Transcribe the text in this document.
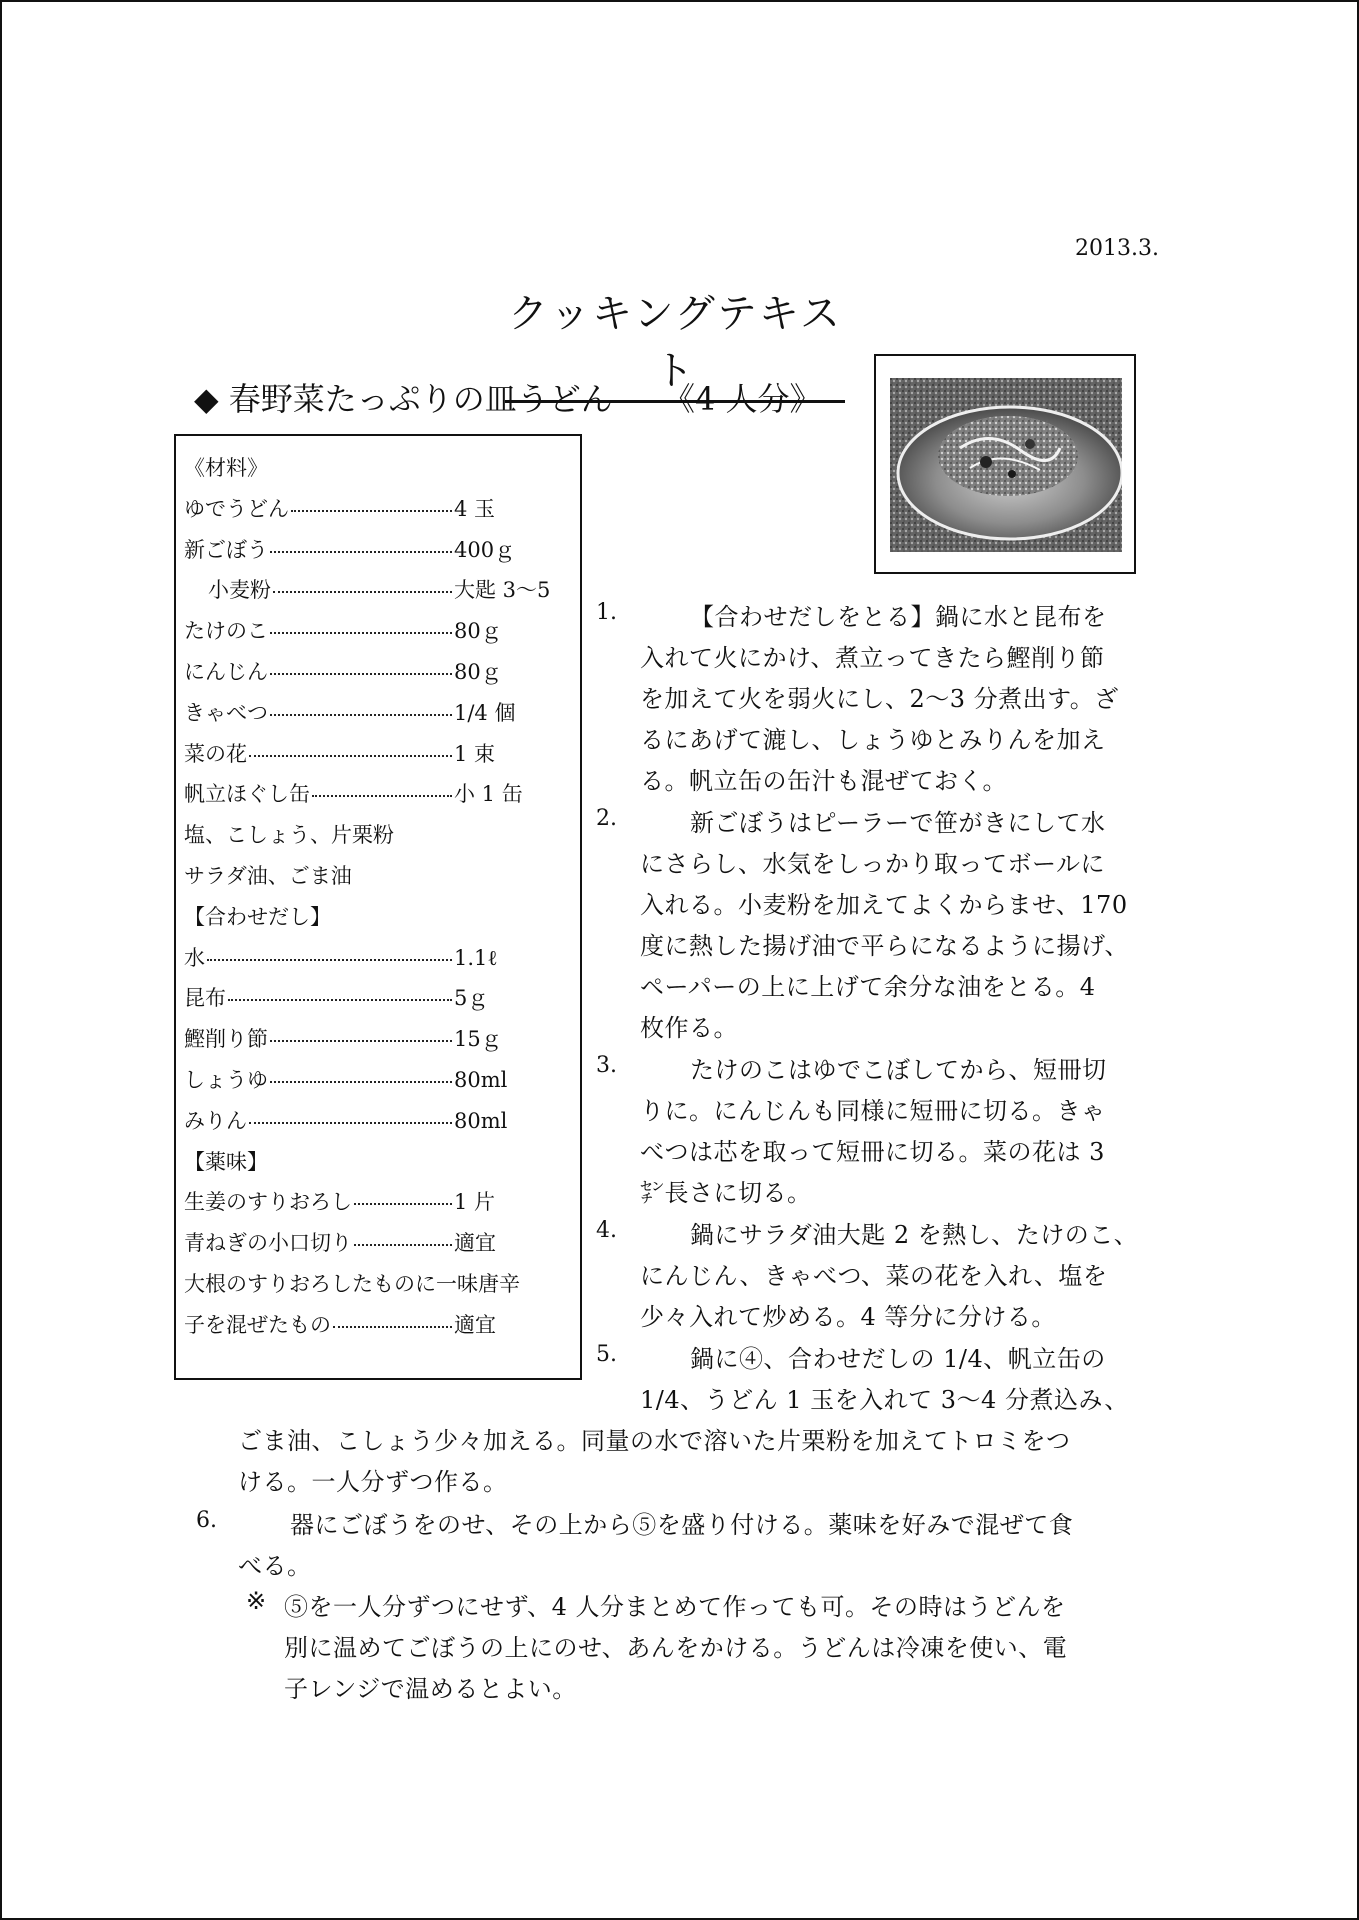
2013.3.
クッキングテキスト
◆ 春野菜たっぷりの皿うどん 《4 人分》
《材料》
ゆでうどん	4 玉
新ごぼう	400ｇ
小麦粉	大匙 3～5
たけのこ	80ｇ
にんじん	80ｇ
きゃべつ	1/4 個
菜の花	1 束
帆立ほぐし缶	小 1 缶
塩、こしょう、片栗粉
サラダ油、ごま油
【合わせだし】
水	1.1ℓ
昆布	5ｇ
鰹削り節	15ｇ
しょうゆ	80ml
みりん	80ml
【薬味】
生姜のすりおろし	1 片
青ねぎの小口切り	適宜
大根のすりおろしたものに一味唐辛
子を混ぜたもの	適宜
1.	【合わせだしをとる】鍋に水と昆布を
入れて火にかけ、煮立ってきたら鰹削り節
を加えて火を弱火にし、2～3 分煮出す。ざ
るにあげて漉し、しょうゆとみりんを加え
る。帆立缶の缶汁も混ぜておく。
2.	新ごぼうはピーラーで笹がきにして水
にさらし、水気をしっかり取ってボールに
入れる。小麦粉を加えてよくからませ、170
度に熱した揚げ油で平らになるように揚げ、
ペーパーの上に上げて余分な油をとる。4
枚作る。
3.	たけのこはゆでこぼしてから、短冊切
りに。にんじんも同様に短冊に切る。きゃ
べつは芯を取って短冊に切る。菜の花は 3
㌢長さに切る。
4.	鍋にサラダ油大匙 2 を熱し、たけのこ、
にんじん、きゃべつ、菜の花を入れ、塩を
少々入れて炒める。4 等分に分ける。
5.	鍋に④、合わせだしの 1/4、帆立缶の
1/4、うどん 1 玉を入れて 3～4 分煮込み、
ごま油、こしょう少々加える。同量の水で溶いた片栗粉を加えてトロミをつ
ける。一人分ずつ作る。
6.	器にごぼうをのせ、その上から⑤を盛り付ける。薬味を好みで混ぜて食
べる。
※ ⑤を一人分ずつにせず、4 人分まとめて作っても可。その時はうどんを
別に温めてごぼうの上にのせ、あんをかける。うどんは冷凍を使い、電
子レンジで温めるとよい。
